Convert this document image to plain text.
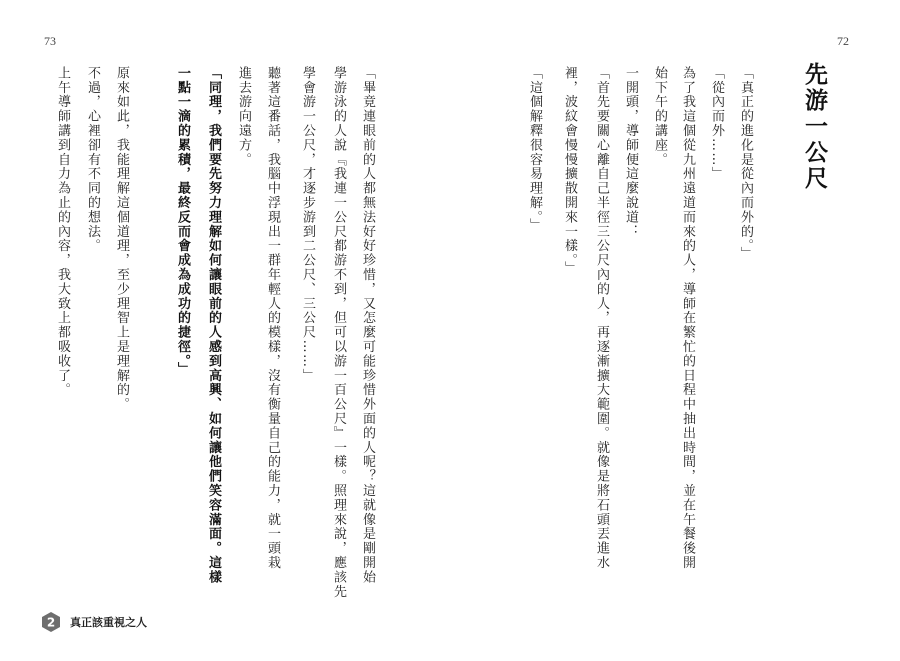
73	72
先游一公尺
「真正的進化是從內而外的。」
「從內而外……」
為了我這個從九州遠道而來的人，導師在繁忙的日程中抽出時間，並在午餐後開
始下午的講座。
一開頭，導師便這麼說道：
「首先要關心離自己半徑三公尺內的人，再逐漸擴大範圍。就像是將石頭丟進水
裡，波紋會慢慢擴散開來一樣。」
「這個解釋很容易理解。」
「畢竟連眼前的人都無法好好珍惜，又怎麼可能珍惜外面的人呢？這就像是剛開始
學游泳的人說『我連一公尺都游不到，但可以游一百公尺』一樣。照理來說，應該先
學會游一公尺，才逐步游到二公尺、三公尺……」
聽著這番話，我腦中浮現出一群年輕人的模樣，沒有衡量自己的能力，就一頭栽
進去游向遠方。
「同理，我們要先努力理解如何讓眼前的人感到高興、如何讓他們笑容滿面。這樣
一點一滴的累積，最終反而會成為成功的捷徑。」
原來如此，我能理解這個道理，至少理智上是理解的。
不過，心裡卻有不同的想法。
上午導師講到自力為止的內容，我大致上都吸收了。
2 真正該重視之人
